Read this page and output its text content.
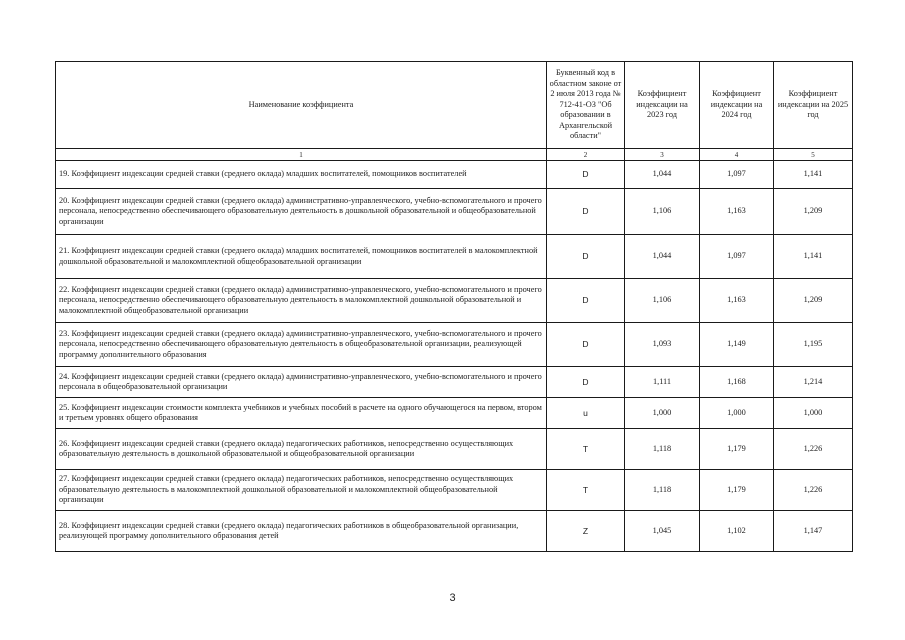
Наименование коэффициента	Буквенный код в областном законе от 2 июля 2013 года № 712-41-ОЗ "Об образовании в Архангельской области"	Коэффициент индексации на 2023 год	Коэффициент индексации на 2024 год	Коэффициент индексации на 2025 год
1	2	3	4	5
19. Коэффициент индексации средней ставки (среднего оклада) младших воспитателей, помощников воспитателей	D	1,044	1,097	1,141
20. Коэффициент индексации средней ставки (среднего оклада) административно-управленческого, учебно-вспомогательного и прочего персонала, непосредственно обеспечивающего образовательную деятельность в дошкольной образовательной и общеобразовательной организации	D	1,106	1,163	1,209
21. Коэффициент индексации средней ставки (среднего оклада) младших воспитателей, помощников воспитателей в малокомплектной дошкольной образовательной и малокомплектной общеобразовательной организации	D	1,044	1,097	1,141
22. Коэффициент индексации средней ставки (среднего оклада) административно-управленческого, учебно-вспомогательного и прочего персонала, непосредственно обеспечивающего образовательную деятельность в малокомплектной дошкольной образовательной и малокомплектной общеобразовательной организации	D	1,106	1,163	1,209
23. Коэффициент индексации средней ставки (среднего оклада) административно-управленческого, учебно-вспомогательного и прочего персонала, непосредственно обеспечивающего образовательную деятельность в общеобразовательной организации, реализующей программу дополнительного образования	D	1,093	1,149	1,195
24. Коэффициент индексации средней ставки (среднего оклада) административно-управленческого, учебно-вспомогательного и прочего персонала в общеобразовательной организации	D	1,111	1,168	1,214
25. Коэффициент индексации стоимости комплекта учебников и учебных пособий в расчете на одного обучающегося на первом, втором и третьем уровнях общего образования	u	1,000	1,000	1,000
26. Коэффициент индексации средней ставки (среднего оклада) педагогических работников, непосредственно осуществляющих образовательную деятельность в дошкольной образовательной и общеобразовательной организации	T	1,118	1,179	1,226
27. Коэффициент индексации средней ставки (среднего оклада) педагогических работников, непосредственно осуществляющих образовательную деятельность в малокомплектной дошкольной образовательной и малокомплектной общеобразовательной организации	T	1,118	1,179	1,226
28. Коэффициент индексации средней ставки (среднего оклада) педагогических работников в общеобразовательной организации, реализующей программу дополнительного образования детей	Z	1,045	1,102	1,147
3
